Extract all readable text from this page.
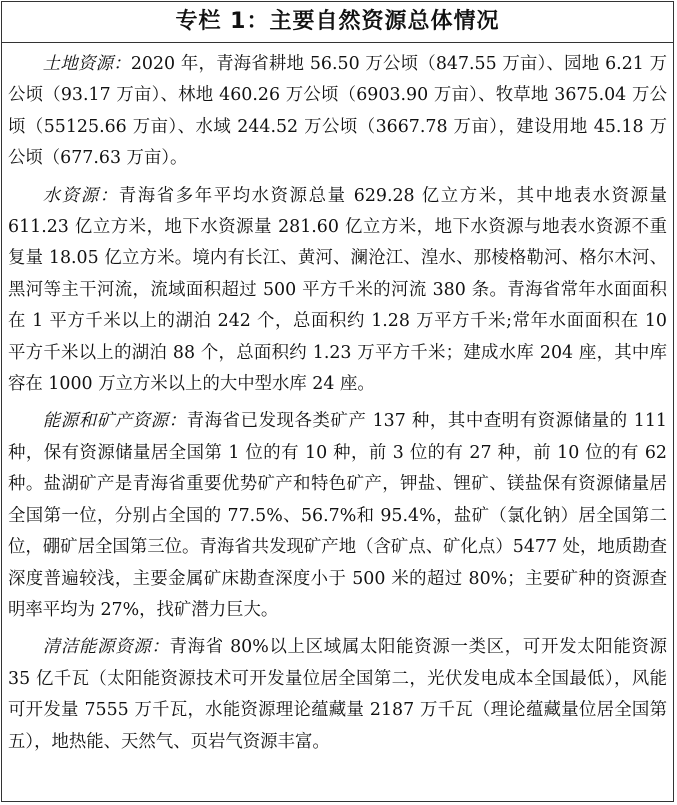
专栏 1：主要自然资源总体情况

土地资源：2020 年，青海省耕地 56.50 万公顷（847.55 万亩）、园地 6.21 万公顷（93.17 万亩）、林地 460.26 万公顷（6903.90 万亩）、牧草地 3675.04 万公顷（55125.66 万亩）、水域 244.52 万公顷（3667.78 万亩），建设用地 45.18 万公顷（677.63 万亩）。

水资源：青海省多年平均水资源总量 629.28 亿立方米，其中地表水资源量 611.23 亿立方米，地下水资源量 281.60 亿立方米，地下水资源与地表水资源不重复量 18.05 亿立方米。境内有长江、黄河、澜沧江、湟水、那棱格勒河、格尔木河、黑河等主干河流，流域面积超过 500 平方千米的河流 380 条。青海省常年水面面积在 1 平方千米以上的湖泊 242 个，总面积约 1.28 万平方千米;常年水面面积在 10 平方千米以上的湖泊 88 个，总面积约 1.23 万平方千米；建成水库 204 座，其中库容在 1000 万立方米以上的大中型水库 24 座。

能源和矿产资源：青海省已发现各类矿产 137 种，其中查明有资源储量的 111 种，保有资源储量居全国第 1 位的有 10 种，前 3 位的有 27 种，前 10 位的有 62 种。盐湖矿产是青海省重要优势矿产和特色矿产，钾盐、锂矿、镁盐保有资源储量居全国第一位，分别占全国的 77.5%、56.7%和 95.4%，盐矿（氯化钠）居全国第二位，硼矿居全国第三位。青海省共发现矿产地（含矿点、矿化点）5477 处，地质勘查深度普遍较浅，主要金属矿床勘查深度小于 500 米的超过 80%；主要矿种的资源查明率平均为 27%，找矿潜力巨大。

清洁能源资源：青海省 80%以上区域属太阳能资源一类区，可开发太阳能资源 35 亿千瓦（太阳能资源技术可开发量位居全国第二，光伏发电成本全国最低），风能可开发量 7555 万千瓦，水能资源理论蕴藏量 2187 万千瓦（理论蕴藏量位居全国第五），地热能、天然气、页岩气资源丰富。
